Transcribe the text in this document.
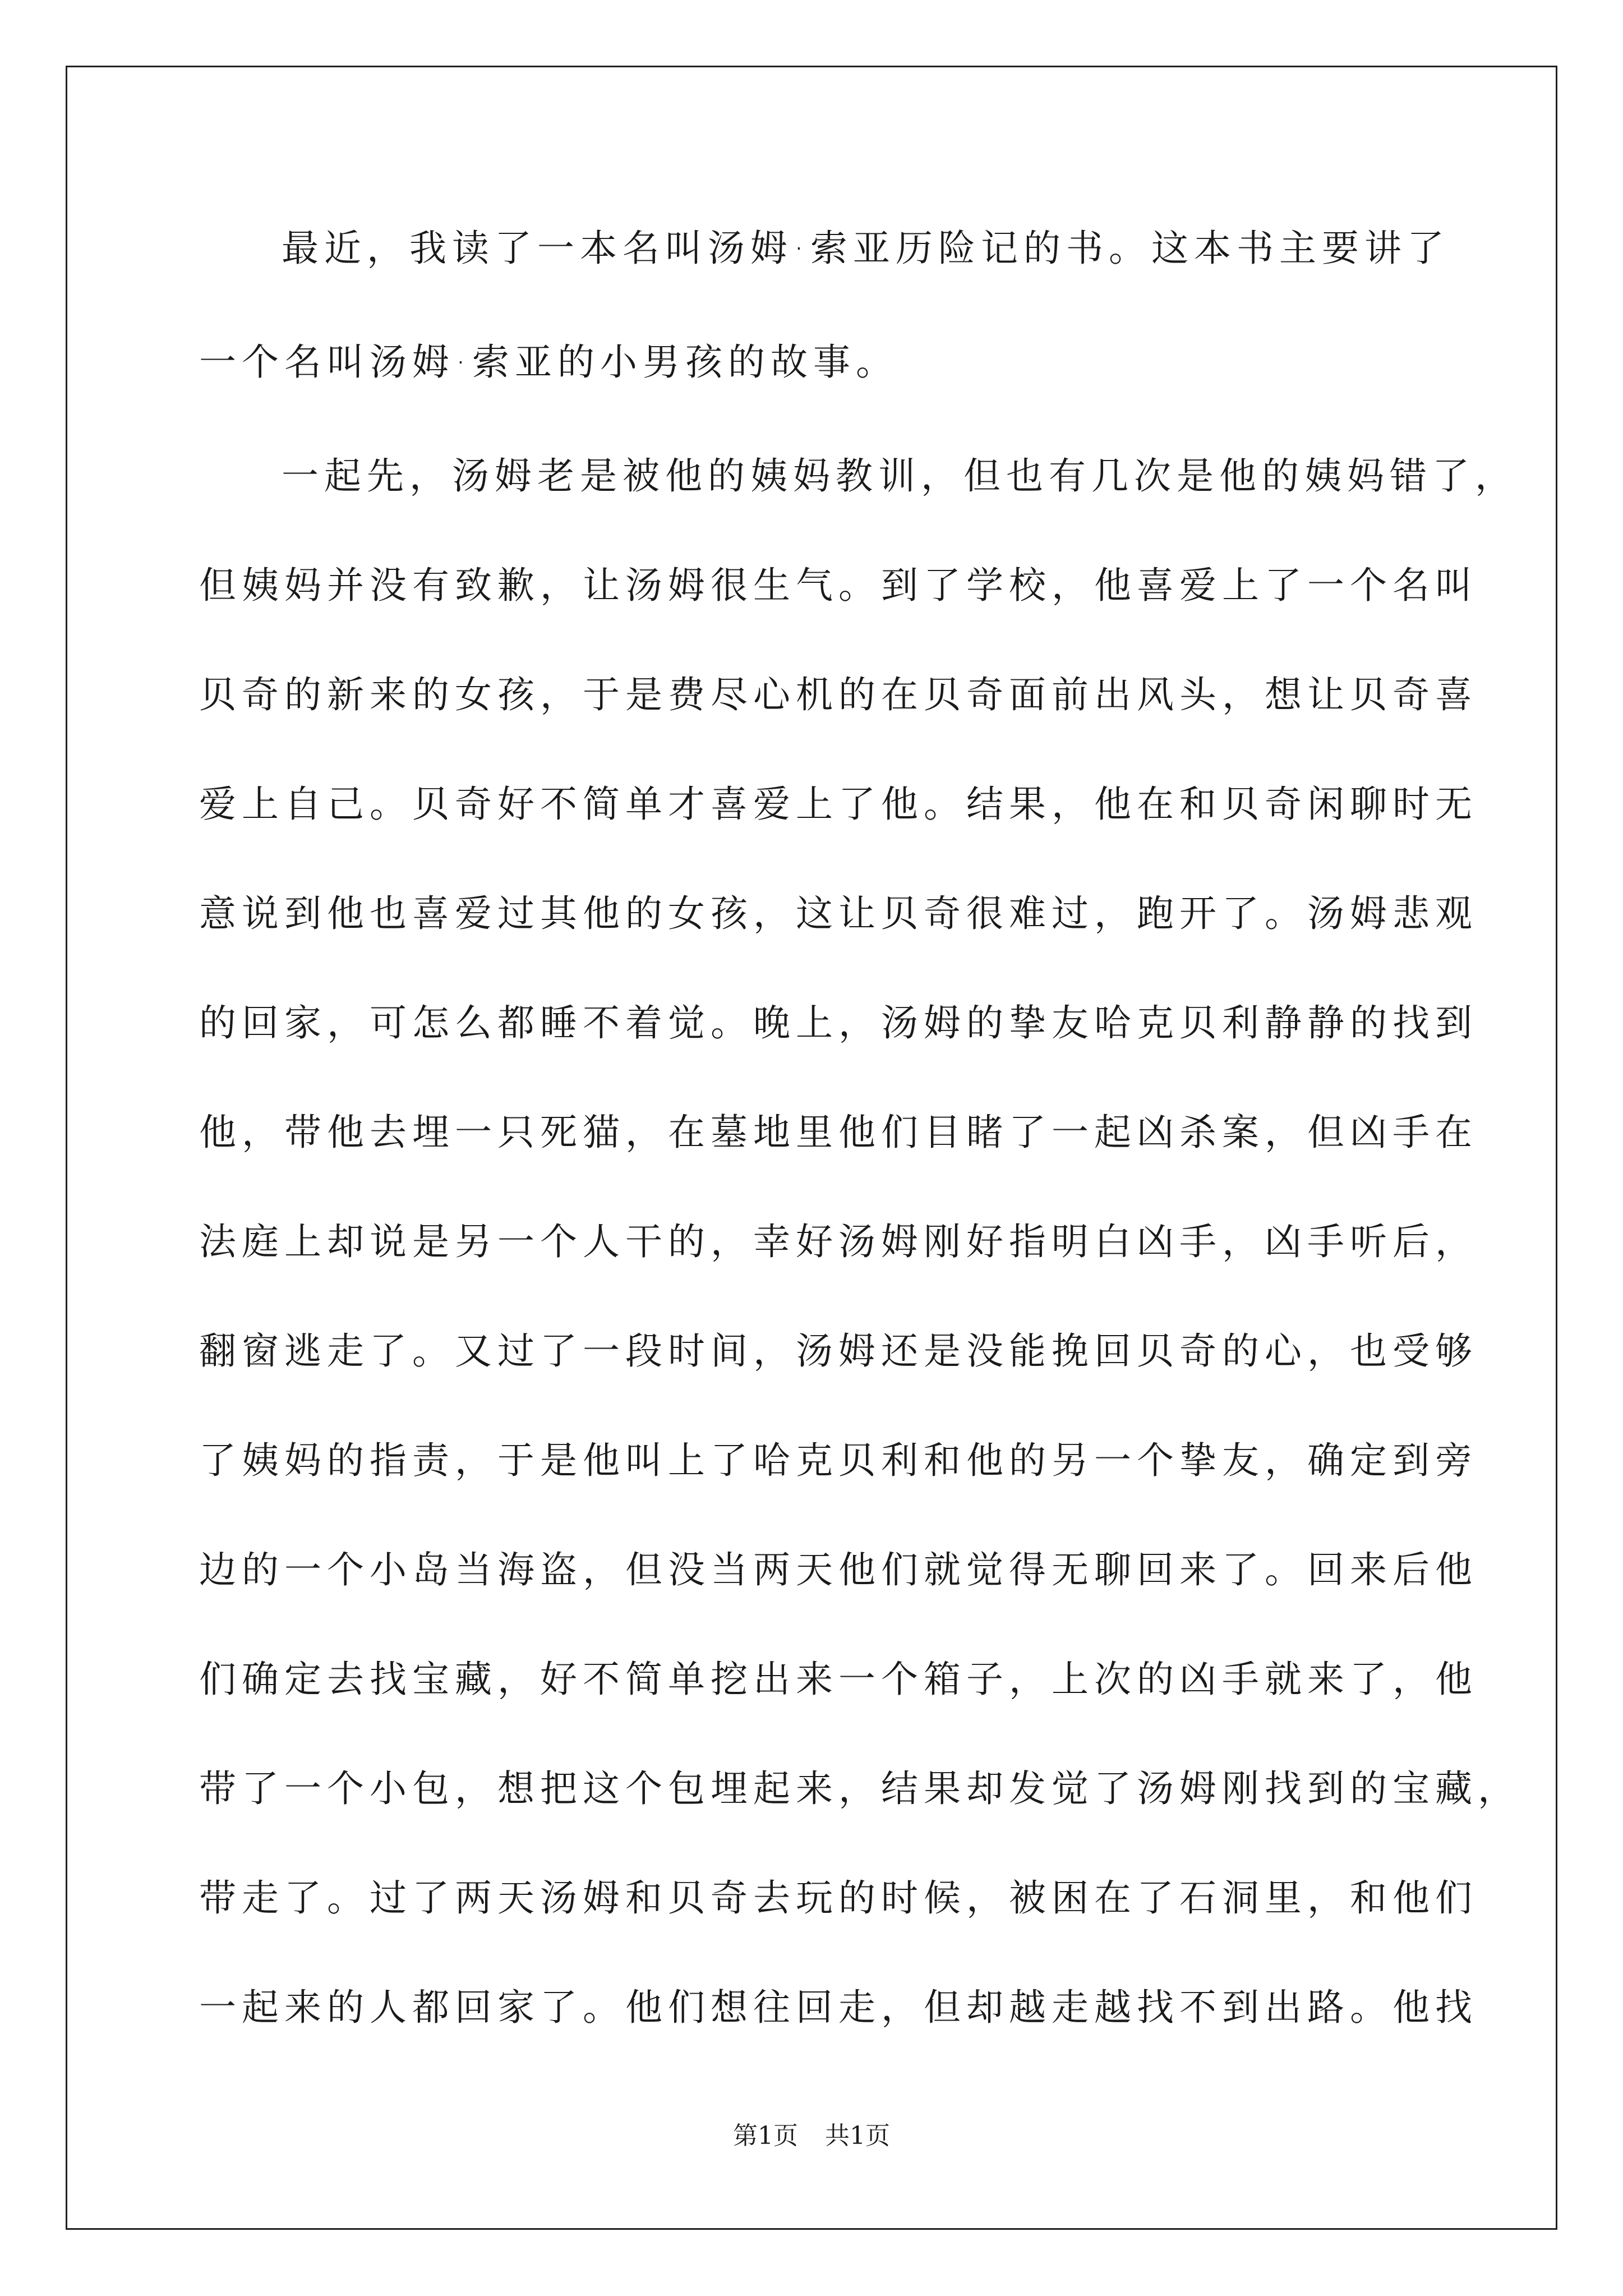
最近，我读了一本名叫汤姆·索亚历险记的书。这本书主要讲了
一个名叫汤姆·索亚的小男孩的故事。
一起先，汤姆老是被他的姨妈教训，但也有几次是他的姨妈错了，
但姨妈并没有致歉，让汤姆很生气。到了学校，他喜爱上了一个名叫
贝奇的新来的女孩，于是费尽心机的在贝奇面前出风头，想让贝奇喜
爱上自己。贝奇好不简单才喜爱上了他。结果，他在和贝奇闲聊时无
意说到他也喜爱过其他的女孩，这让贝奇很难过，跑开了。汤姆悲观
的回家，可怎么都睡不着觉。晚上，汤姆的挚友哈克贝利静静的找到
他，带他去埋一只死猫，在墓地里他们目睹了一起凶杀案，但凶手在
法庭上却说是另一个人干的，幸好汤姆刚好指明白凶手，凶手听后，
翻窗逃走了。又过了一段时间，汤姆还是没能挽回贝奇的心，也受够
了姨妈的指责，于是他叫上了哈克贝利和他的另一个挚友，确定到旁
边的一个小岛当海盗，但没当两天他们就觉得无聊回来了。回来后他
们确定去找宝藏，好不简单挖出来一个箱子，上次的凶手就来了，他
带了一个小包，想把这个包埋起来，结果却发觉了汤姆刚找到的宝藏，
带走了。过了两天汤姆和贝奇去玩的时候，被困在了石洞里，和他们
一起来的人都回家了。他们想往回走，但却越走越找不到出路。他找
第1页 共1页
